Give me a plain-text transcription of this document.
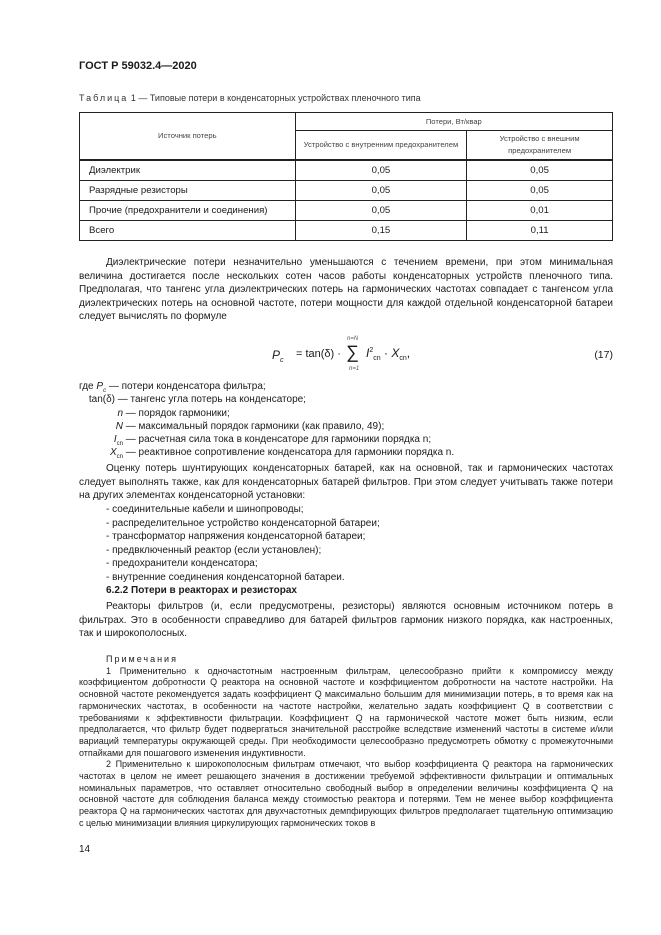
ГОСТ Р 59032.4—2020
Таблица 1 — Типовые потери в конденсаторных устройствах пленочного типа
Источник потерь	Потери, Вт/квар	
	Устройство с внутренним предохранителем	Устройство с внешним предохранителем
Диэлектрик	0,05	0,05
Разрядные резисторы	0,05	0,05
Прочие (предохранители и соединения)	0,05	0,01
Всего	0,15	0,11

Диэлектрические потери незначительно уменьшаются с течением времени, при этом минимальная величина достигается после нескольких сотен часов работы конденсаторных устройств пленочного типа. Предполагая, что тангенс угла диэлектрических потерь на гармонических частотах совпадает с тангенсом угла диэлектрических потерь на основной частоте, потери мощности для каждой отдельной конденсаторной батареи следует вычислять по формуле

$P_c$
= tan(δ) ·
n=N
∑
n=1
$I^2_{cn} \cdot X_{cn}$,	(17)
где $P_c$ — потери конденсатора фильтра;
tan(δ) — тангенс угла потерь на конденсаторе;
n — порядок гармоники;
N — максимальный порядок гармоники (как правило, 49);
$I_{cn}$ — расчетная сила тока в конденсаторе для гармоники порядка n;
$X_{cn}$ — реактивное сопротивление конденсатора для гармоники порядка n.

Оценку потерь шунтирующих конденсаторных батарей, как на основной, так и гармонических частотах следует выполнять также, как для конденсаторных батарей фильтров. При этом следует учитывать также потери на других элементах конденсаторной установки:

- соединительные кабели и шинопроводы;
- распределительное устройство конденсаторной батареи;
- трансформатор напряжения конденсаторной батареи;
- предвключенный реактор (если установлен);
- предохранители конденсатора;
- внутренние соединения конденсаторной батареи.
6.2.2 Потери в реакторах и резисторах

Реакторы фильтров (и, если предусмотрены, резисторы) являются основным источником потерь в фильтрах. Это в особенности справедливо для батарей фильтров гармоник низкого порядка, как настроенных, так и широкополосных.

Примечания

1 Применительно к одночастотным настроенным фильтрам, целесообразно прийти к компромиссу между коэффициентом добротности Q реактора на основной частоте и коэффициентом добротности на частоте настройки. На основной частоте рекомендуется задать коэффициент Q максимально большим для минимизации потерь, в то время как на гармонических частотах, в особенности на частоте настройки, желательно задать коэффициент Q в соответствии с требованиями к эффективности фильтрации. Коэффициент Q на гармонической частоте может быть низким, если предполагается, что фильтр будет подвергаться значительной расстройке вследствие изменений частоты в системе и/или вариаций температуры окружающей среды. При необходимости целесообразно предусмотреть обмотку с промежуточными отпайками для пошагового изменения индуктивности.

2 Применительно к широкополосным фильтрам отмечают, что выбор коэффициента Q реактора на гармонических частотах в целом не имеет решающего значения в достижении требуемой эффективности фильтрации и оптимальных номинальных параметров, что оставляет относительно свободный выбор в определении величины коэффициента Q на основной частоте для соблюдения баланса между стоимостью реактора и потерями. Тем не менее выбор коэффициента реактора Q на гармонических частотах для двухчастотных демпфирующих фильтров предполагает тщательную оптимизацию с целью минимизации влияния циркулирующих гармонических токов в

14
